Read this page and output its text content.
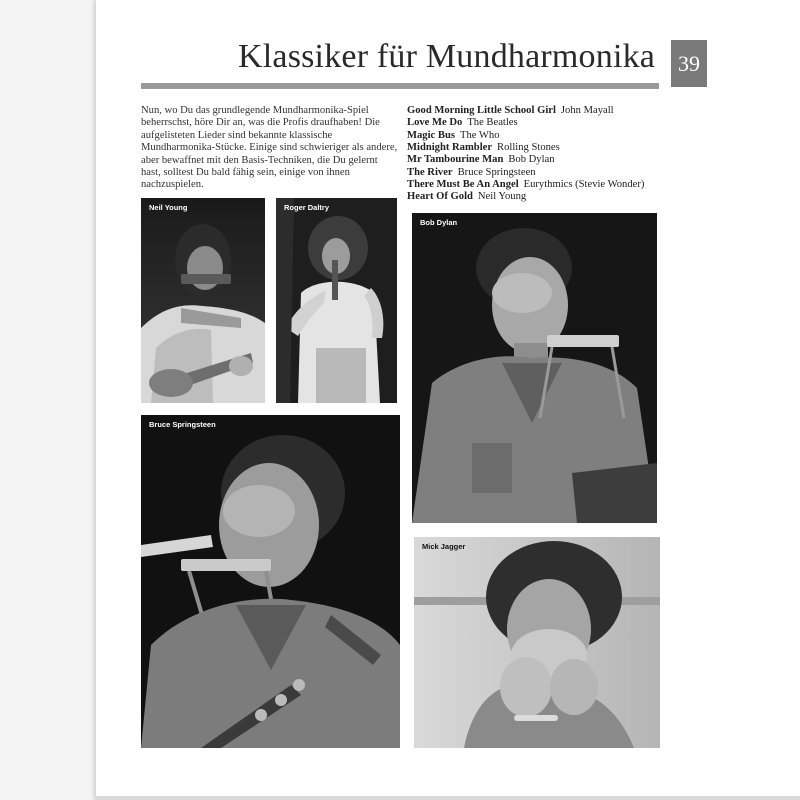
Klassiker für Mundharmonika	39

Nun, wo Du das grundlegende Mundharmonika-Spiel beherrschst, höre Dir an, was die Profis draufhaben! Die aufgelisteten Lieder sind bekannte klassische Mundharmonika-Stücke. Einige sind schwieriger als andere, aber bewaffnet mit den Basis-Techniken, die Du gelernt hast, solltest Du bald fähig sein, einige von ihnen nachzuspielen.

Good Morning Little School Girl John Mayall
Love Me Do The Beatles
Magic Bus The Who
Midnight Rambler Rolling Stones
Mr Tambourine Man Bob Dylan
The River Bruce Springsteen
There Must Be An Angel Eurythmics (Stevie Wonder)
Heart Of Gold Neil Young
Neil Young	Roger Daltry
Bob Dylan
Bruce Springsteen
Mick Jagger
